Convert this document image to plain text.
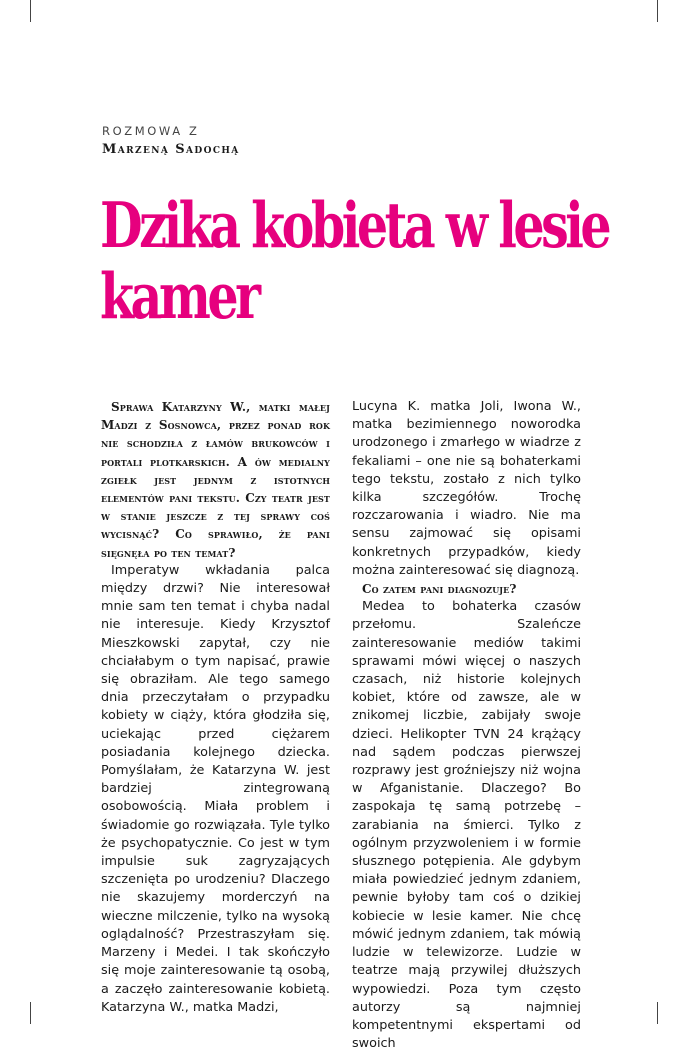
ROZMOWA Z
Marzeną Sadochą
Dzika kobieta w lesie
kamer

Sprawa Katarzyny W., matki małej Madzi z Sosnowca, przez ponad rok nie schodziła z łamów brukowców i portali plotkarskich. A ów medialny zgiełk jest jednym z istotnych elementów pani tekstu. Czy teatr jest w stanie jeszcze z tej sprawy coś wycisnąć? Co sprawiło, że pani sięgnęła po ten temat?

Imperatyw wkładania palca między drzwi? Nie interesował mnie sam ten temat i chyba nadal nie interesuje. Kiedy Krzysztof Mieszkowski zapytał, czy nie chciałabym o tym napisać, prawie się obraziłam. Ale tego samego dnia przeczytałam o przypadku kobiety w ciąży, która głodziła się, uciekając przed ciężarem posiadania kolejnego dziecka. Pomyślałam, że Katarzyna W. jest bardziej zintegrowaną osobowością. Miała problem i świadomie go rozwiązała. Tyle tylko że psychopatycznie. Co jest w tym impulsie suk zagryzających szczenięta po urodzeniu? Dlaczego nie skazujemy morderczyń na wieczne milczenie, tylko na wysoką oglądalność? Przestraszyłam się. Marzeny i Medei. I tak skończyło się moje zainteresowanie tą osobą, a zaczęło zainteresowanie kobietą. Katarzyna W., matka Madzi,

Lucyna K. matka Joli, Iwona W., matka bezimiennego noworodka urodzonego i zmarłego w wiadrze z fekaliami – one nie są bohaterkami tego tekstu, zostało z nich tylko kilka szczegółów. Trochę rozczarowania i wiadro. Nie ma sensu zajmować się opisami konkretnych przypadków, kiedy można zainteresować się diagnozą.

Co zatem pani diagnozuje?

Medea to bohaterka czasów przełomu. Szaleńcze zainteresowanie mediów takimi sprawami mówi więcej o naszych czasach, niż historie kolejnych kobiet, które od zawsze, ale w znikomej liczbie, zabijały swoje dzieci. Helikopter TVN 24 krążący nad sądem podczas pierwszej rozprawy jest groźniejszy niż wojna w Afganistanie. Dlaczego? Bo zaspokaja tę samą potrzebę – zarabiania na śmierci. Tylko z ogólnym przyzwoleniem i w formie słusznego potępienia. Ale gdybym miała powiedzieć jednym zdaniem, pewnie byłoby tam coś o dzikiej kobiecie w lesie kamer. Nie chcę mówić jednym zdaniem, tak mówią ludzie w telewizorze. Ludzie w teatrze mają przywilej dłuższych wypowiedzi. Poza tym często autorzy są najmniej kompetentnymi ekspertami od swoich
